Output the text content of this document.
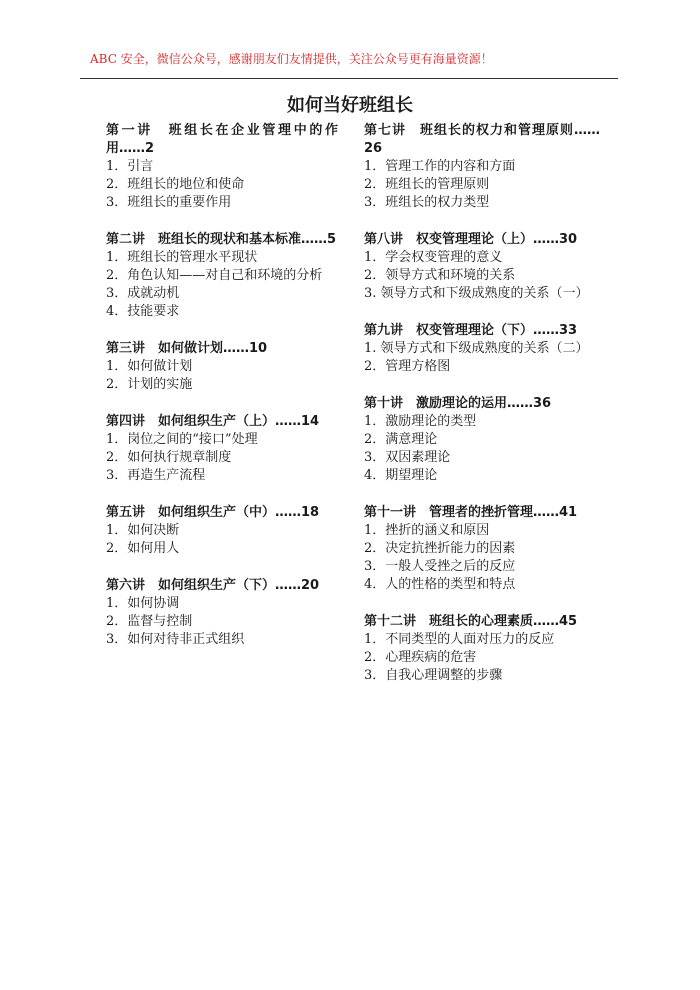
ABC 安全，微信公众号，感谢朋友们友情提供，关注公众号更有海量资源！
如何当好班组长
第一讲　班组长在企业管理中的作用……2
1．引言
2．班组长的地位和使命
3．班组长的重要作用
第二讲　班组长的现状和基本标准……5
1．班组长的管理水平现状
2．角色认知——对自己和环境的分析
3．成就动机
4．技能要求
第三讲　如何做计划……10
1．如何做计划
2．计划的实施
第四讲　如何组织生产（上）……14
1．岗位之间的“接口”处理
2．如何执行规章制度
3．再造生产流程
第五讲　如何组织生产（中）……18
1．如何决断
2．如何用人
第六讲　如何组织生产（下）……20
1．如何协调
2．监督与控制
3．如何对待非正式组织
第七讲　班组长的权力和管理原则……26
1．管理工作的内容和方面
2．班组长的管理原则
3．班组长的权力类型
第八讲　权变管理理论（上）……30
1．学会权变管理的意义
2．领导方式和环境的关系
3. 领导方式和下级成熟度的关系（一）
第九讲　权变管理理论（下）……33
1. 领导方式和下级成熟度的关系（二）
2．管理方格图
第十讲　激励理论的运用……36
1．激励理论的类型
2．满意理论
3．双因素理论
4．期望理论
第十一讲　管理者的挫折管理……41
1．挫折的涵义和原因
2．决定抗挫折能力的因素
3．一般人受挫之后的反应
4．人的性格的类型和特点
第十二讲　班组长的心理素质……45
1．不同类型的人面对压力的反应
2．心理疾病的危害
3．自我心理调整的步骤
